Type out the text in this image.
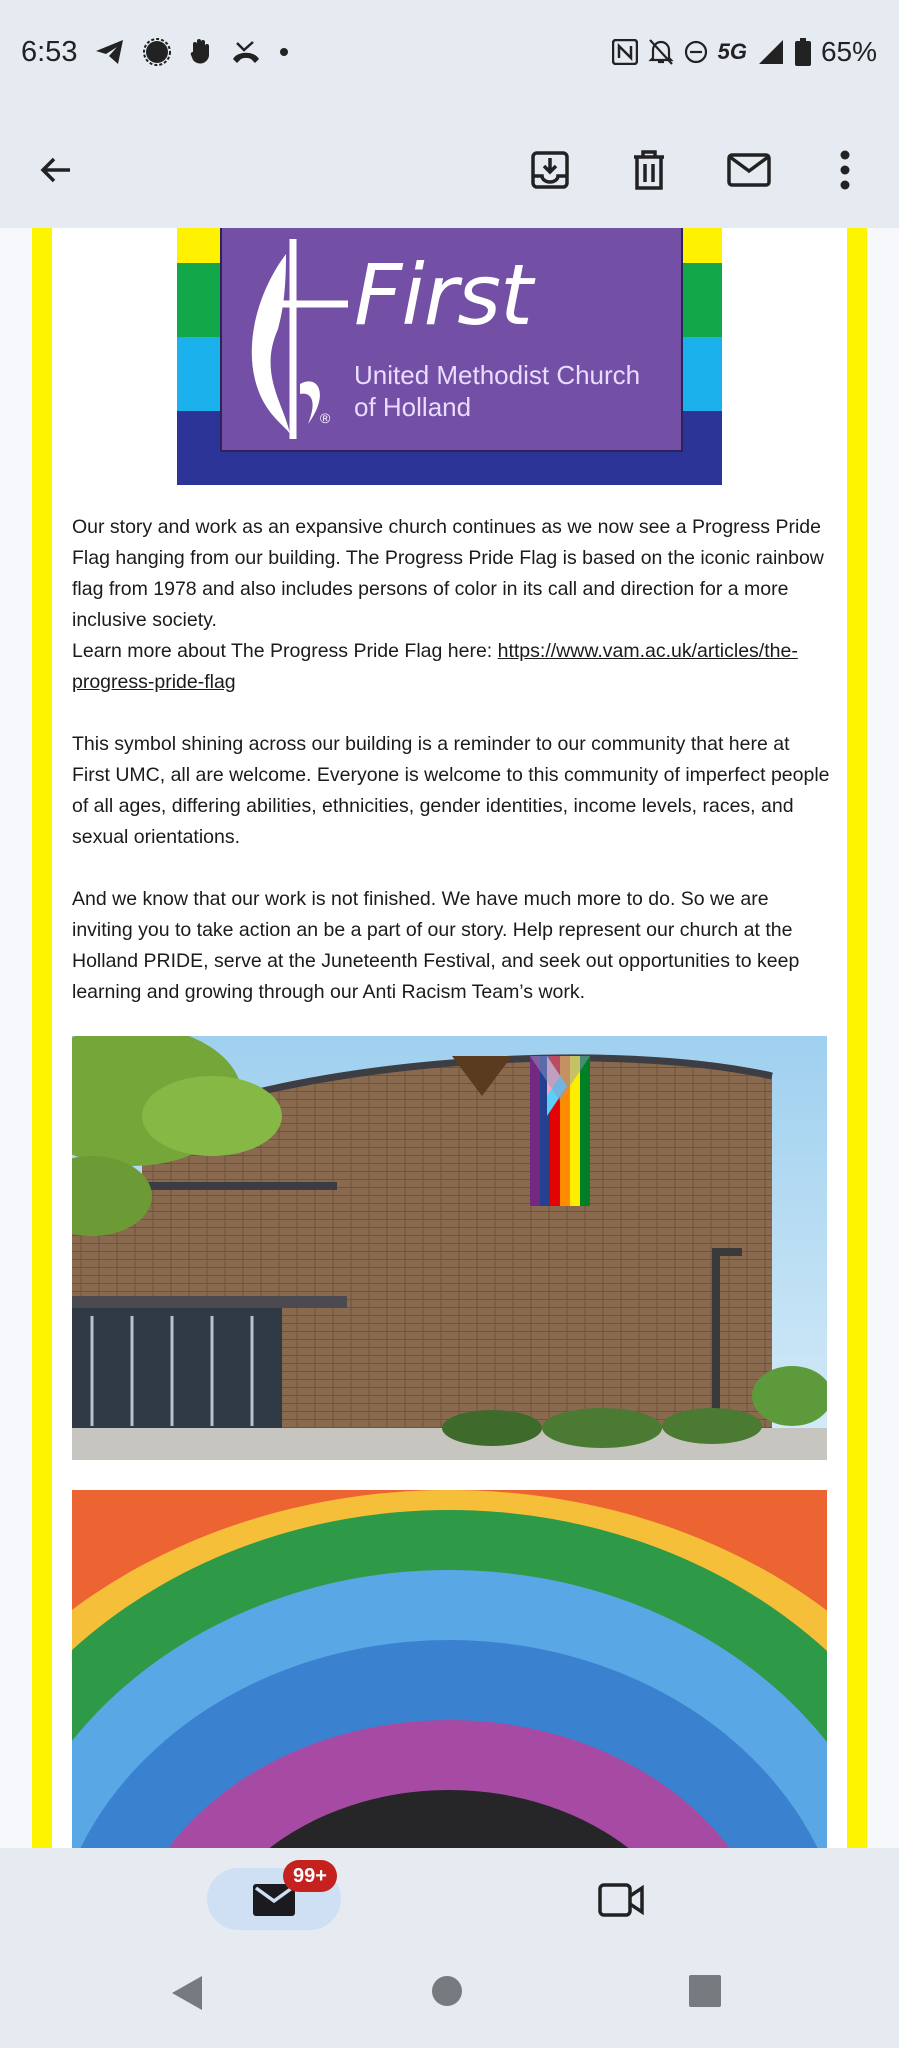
6:53	5G	65%
®
First
United Methodist Church
of Holland
Our story and work as an expansive church continues as we now see a Progress Pride Flag hanging from our building. The Progress Pride Flag is based on the iconic rainbow flag from 1978 and also includes persons of color in its call and direction for a more inclusive society.
Learn more about The Progress Pride Flag here: https://www.vam.ac.uk/articles/the-progress-pride-flag
This symbol shining across our building is a reminder to our community that here at First UMC, all are welcome. Everyone is welcome to this community of imperfect people of all ages, differing abilities, ethnicities, gender identities, income levels, races, and sexual orientations.
And we know that our work is not finished. We have much more to do. So we are inviting you to take action an be a part of our story. Help represent our church at the Holland PRIDE, serve at the Juneteenth Festival, and seek out opportunities to keep learning and growing through our Anti Racism Team’s work.
99+
